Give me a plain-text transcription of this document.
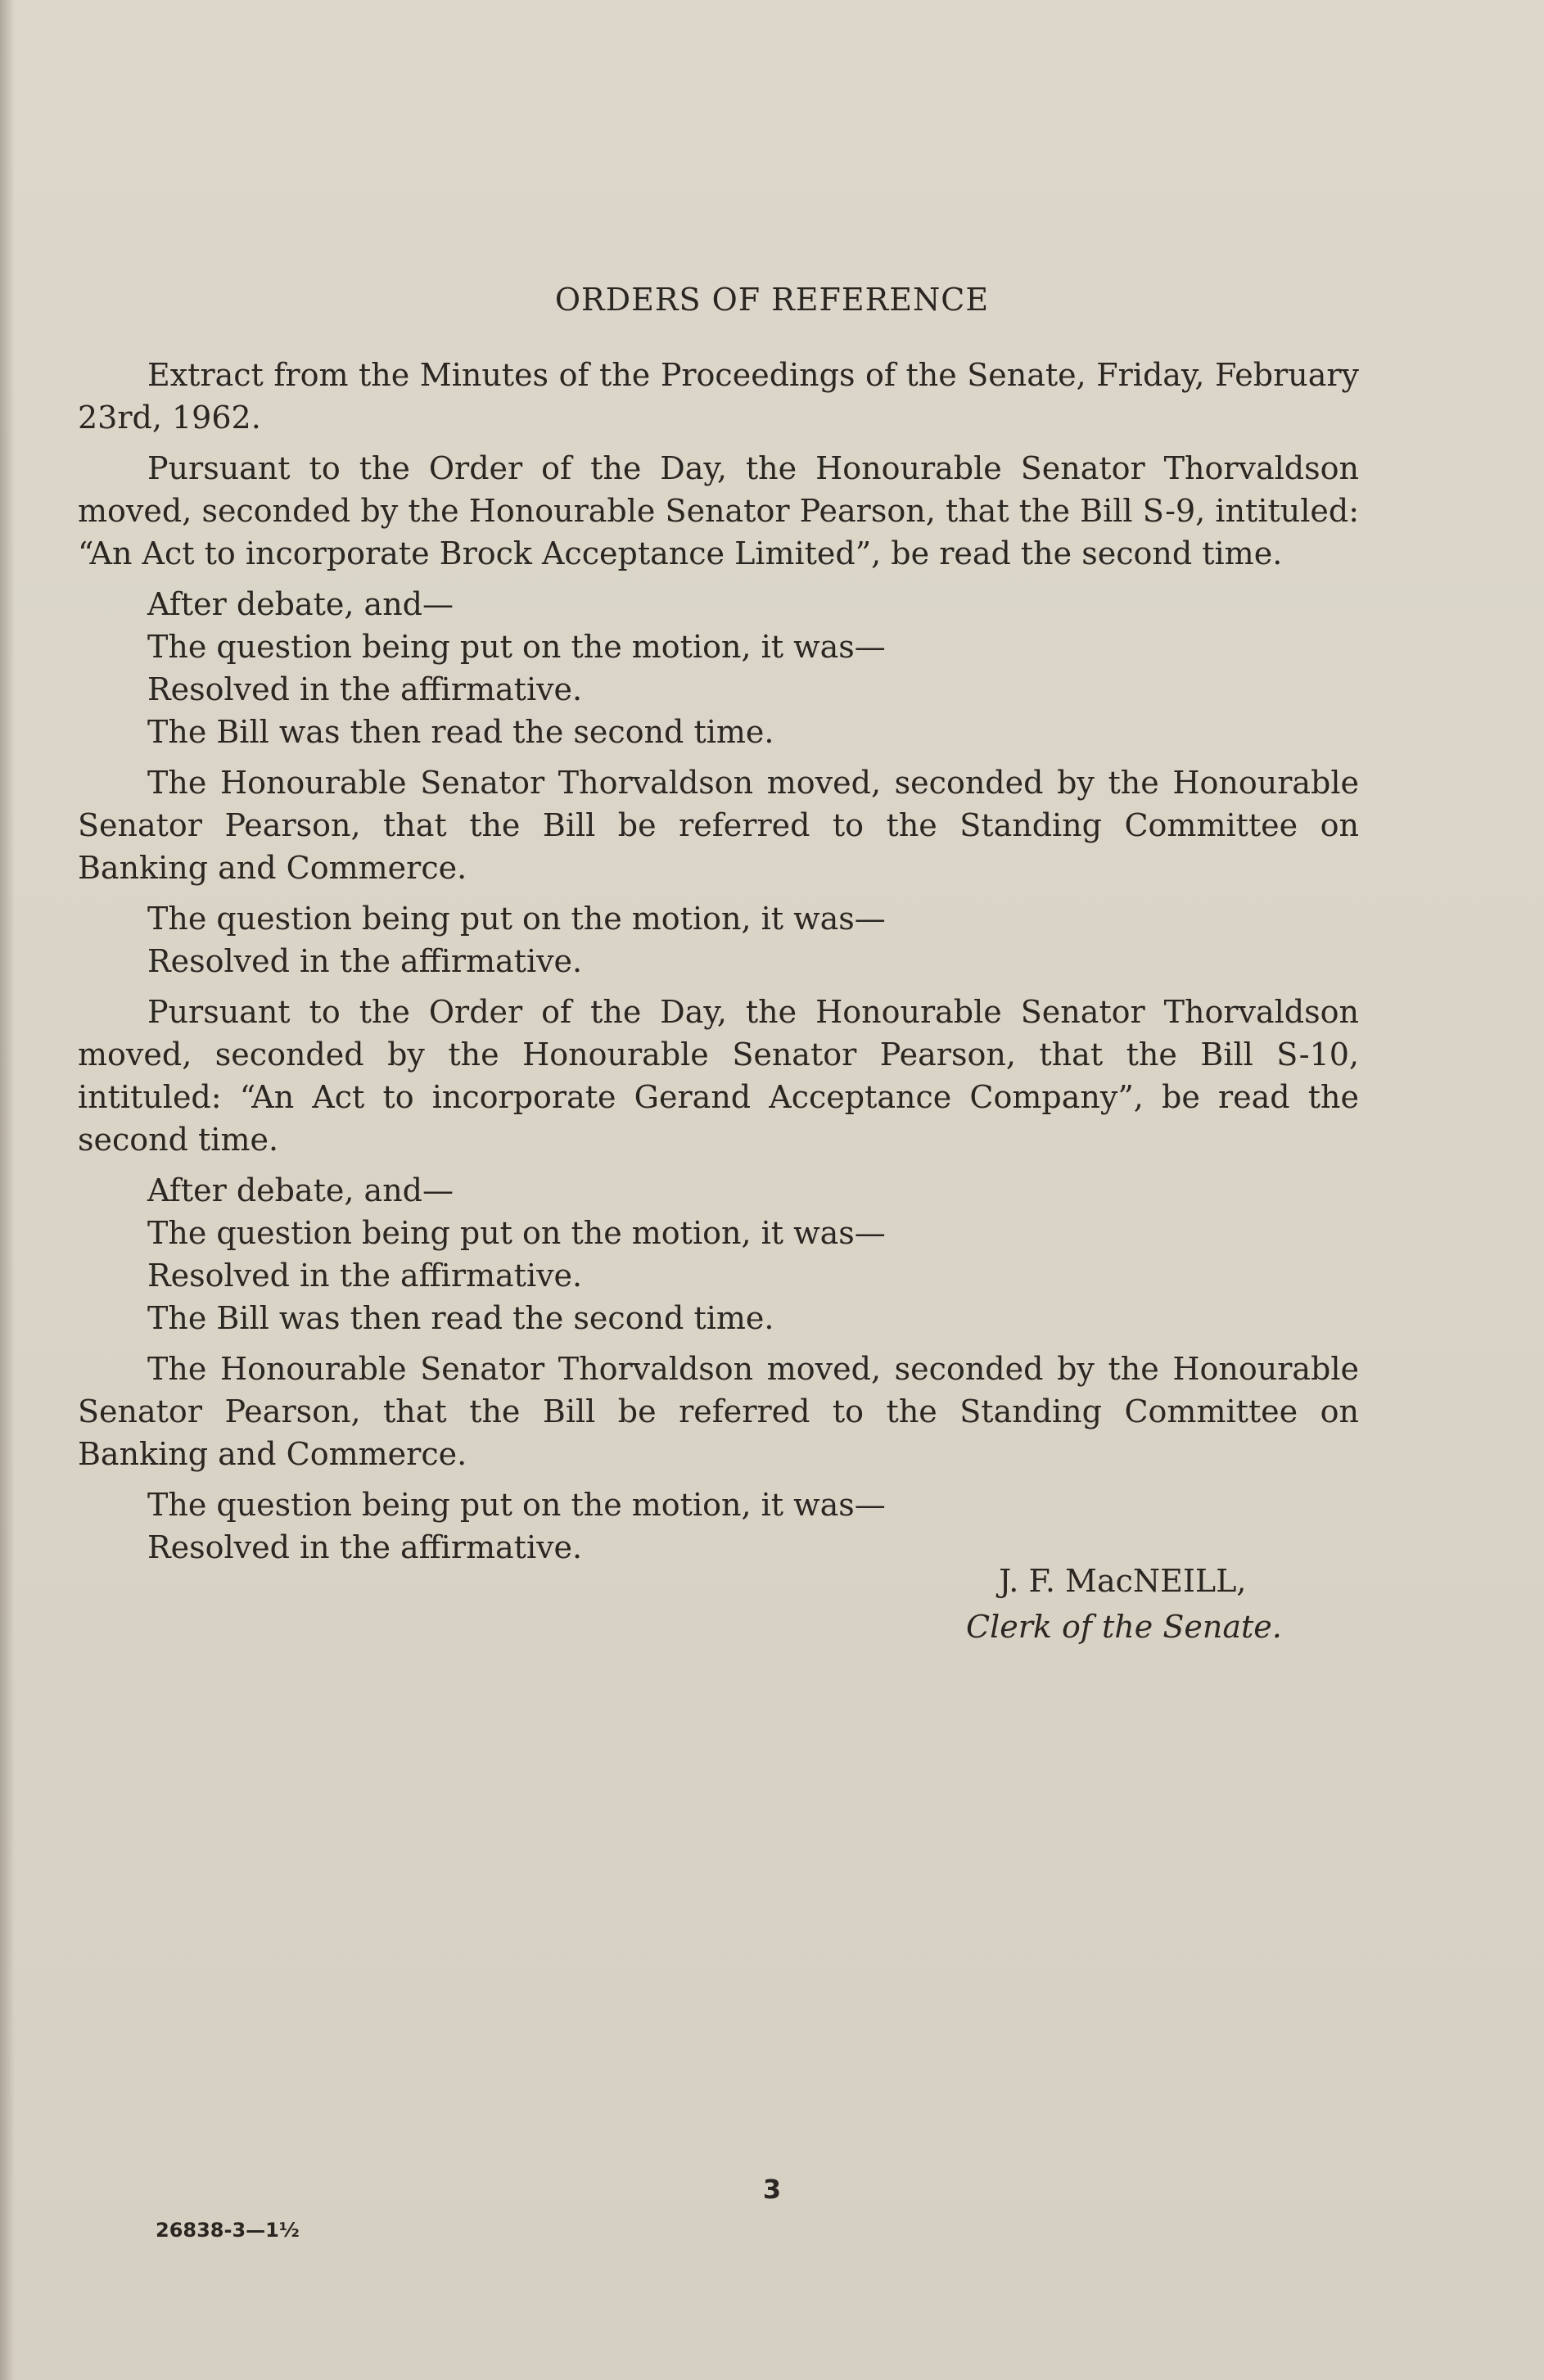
ORDERS OF REFERENCE

Extract from the Minutes of the Proceedings of the Senate, Friday, February 23rd, 1962.

Pursuant to the Order of the Day, the Honourable Senator Thorvaldson moved, seconded by the Honourable Senator Pearson, that the Bill S-9, intituled: “An Act to incorporate Brock Acceptance Limited”, be read the second time.

After debate, and—
The question being put on the motion, it was—
Resolved in the affirmative.
The Bill was then read the second time.

The Honourable Senator Thorvaldson moved, seconded by the Honourable Senator Pearson, that the Bill be referred to the Standing Committee on Banking and Commerce.

The question being put on the motion, it was—
Resolved in the affirmative.

Pursuant to the Order of the Day, the Honourable Senator Thorvaldson moved, seconded by the Honourable Senator Pearson, that the Bill S-10, intituled: “An Act to incorporate Gerand Acceptance Company”, be read the second time.

After debate, and—
The question being put on the motion, it was—
Resolved in the affirmative.
The Bill was then read the second time.

The Honourable Senator Thorvaldson moved, seconded by the Honourable Senator Pearson, that the Bill be referred to the Standing Committee on Banking and Commerce.

The question being put on the motion, it was—
Resolved in the affirmative.
J. F. MacNEILL,
Clerk of the Senate.
3
26838-3—1½
